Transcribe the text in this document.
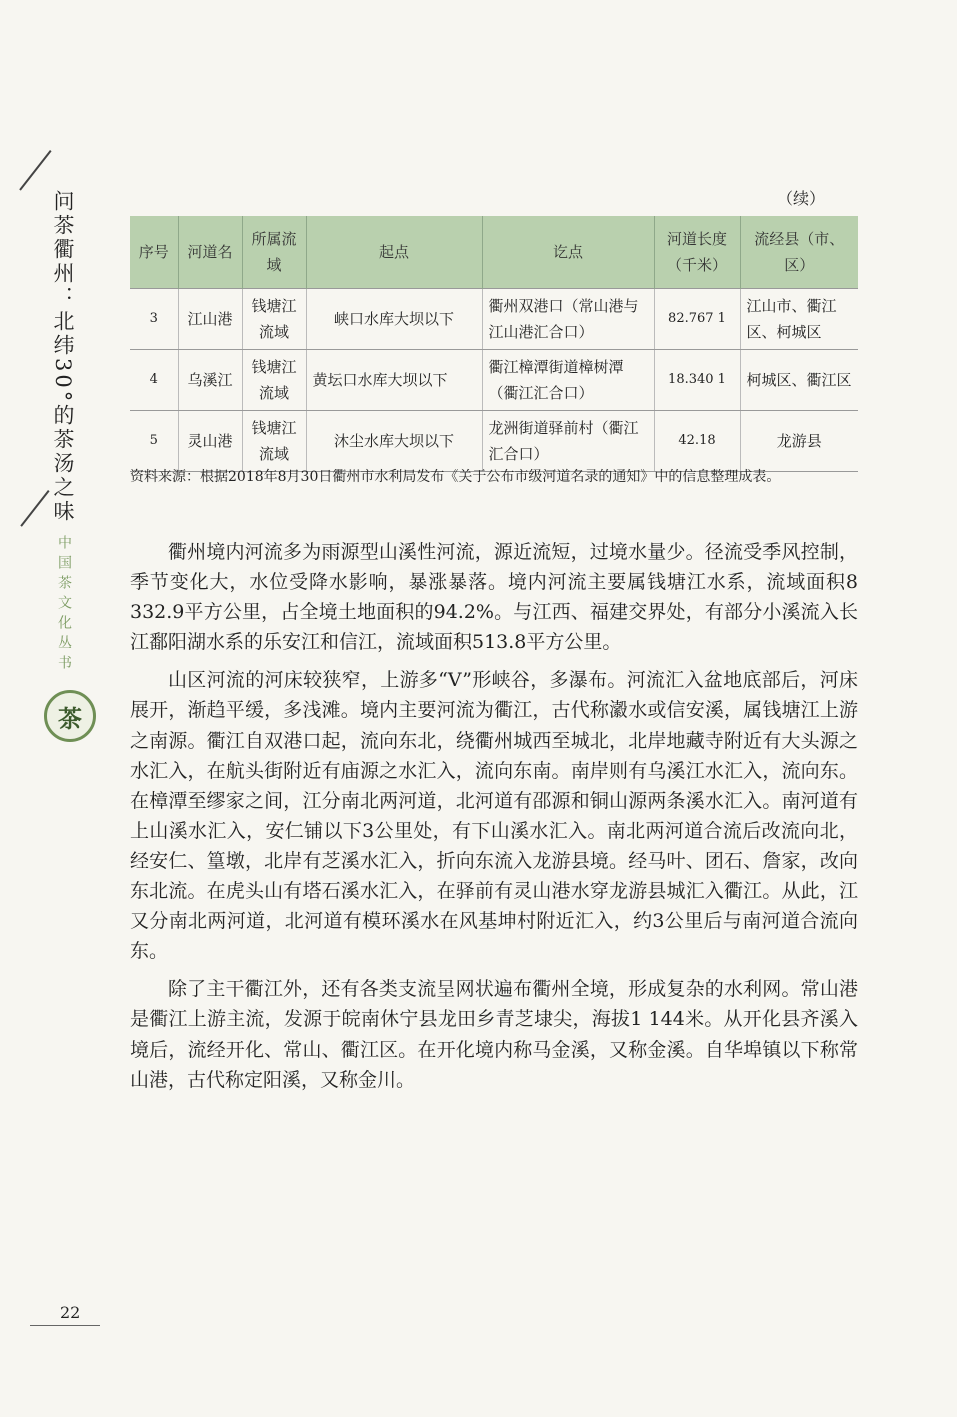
问茶衢州：北纬30°的茶汤之味
中国茶文化丛书
茶
（续）
序号	河道名	所属流域	起点	讫点	河道长度（千米）	流经县（市、区）
3	江山港	钱塘江流域	峡口水库大坝以下	衢州双港口（常山港与江山港汇合口）	82.767 1	江山市、衢江区、柯城区
4	乌溪江	钱塘江流域	黄坛口水库大坝以下	衢江樟潭街道樟树潭（衢江汇合口）	18.340 1	柯城区、衢江区
5	灵山港	钱塘江流域	沐尘水库大坝以下	龙洲街道驿前村（衢江汇合口）	42.18	龙游县
资料来源：根据2018年8月30日衢州市水利局发布《关于公布市级河道名录的通知》中的信息整理成表。

衢州境内河流多为雨源型山溪性河流，源近流短，过境水量少。径流受季风控制，季节变化大，水位受降水影响，暴涨暴落。境内河流主要属钱塘江水系，流域面积8 332.9平方公里，占全境土地面积的94.2%。与江西、福建交界处，有部分小溪流入长江鄱阳湖水系的乐安江和信江，流域面积513.8平方公里。

山区河流的河床较狭窄，上游多“V”形峡谷，多瀑布。河流汇入盆地底部后，河床展开，渐趋平缓，多浅滩。境内主要河流为衢江，古代称瀫水或信安溪，属钱塘江上游之南源。衢江自双港口起，流向东北，绕衢州城西至城北，北岸地藏寺附近有大头源之水汇入，在航头街附近有庙源之水汇入，流向东南。南岸则有乌溪江水汇入，流向东。在樟潭至缪家之间，江分南北两河道，北河道有邵源和铜山源两条溪水汇入。南河道有上山溪水汇入，安仁铺以下3公里处，有下山溪水汇入。南北两河道合流后改流向北，经安仁、篁墩，北岸有芝溪水汇入，折向东流入龙游县境。经马叶、团石、詹家，改向东北流。在虎头山有塔石溪水汇入，在驿前有灵山港水穿龙游县城汇入衢江。从此，江又分南北两河道，北河道有模环溪水在风基坤村附近汇入，约3公里后与南河道合流向东。

除了主干衢江外，还有各类支流呈网状遍布衢州全境，形成复杂的水利网。常山港是衢江上游主流，发源于皖南休宁县龙田乡青芝埭尖，海拔1 144米。从开化县齐溪入境后，流经开化、常山、衢江区。在开化境内称马金溪，又称金溪。自华埠镇以下称常山港，古代称定阳溪，又称金川。

22
